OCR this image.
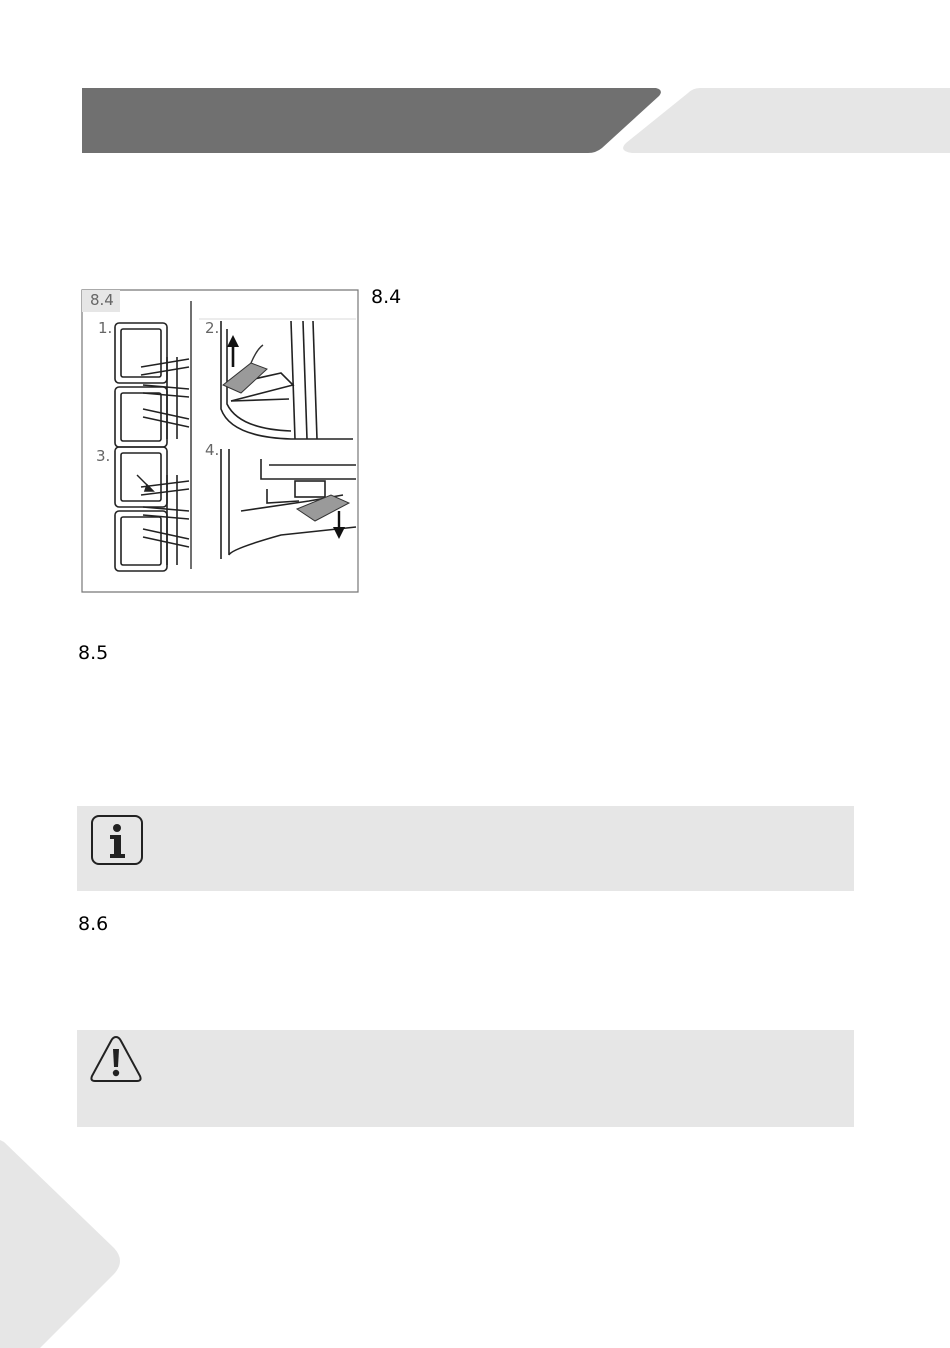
8.4
1.	2.
3.	4.
8.4
8.5
8.6
